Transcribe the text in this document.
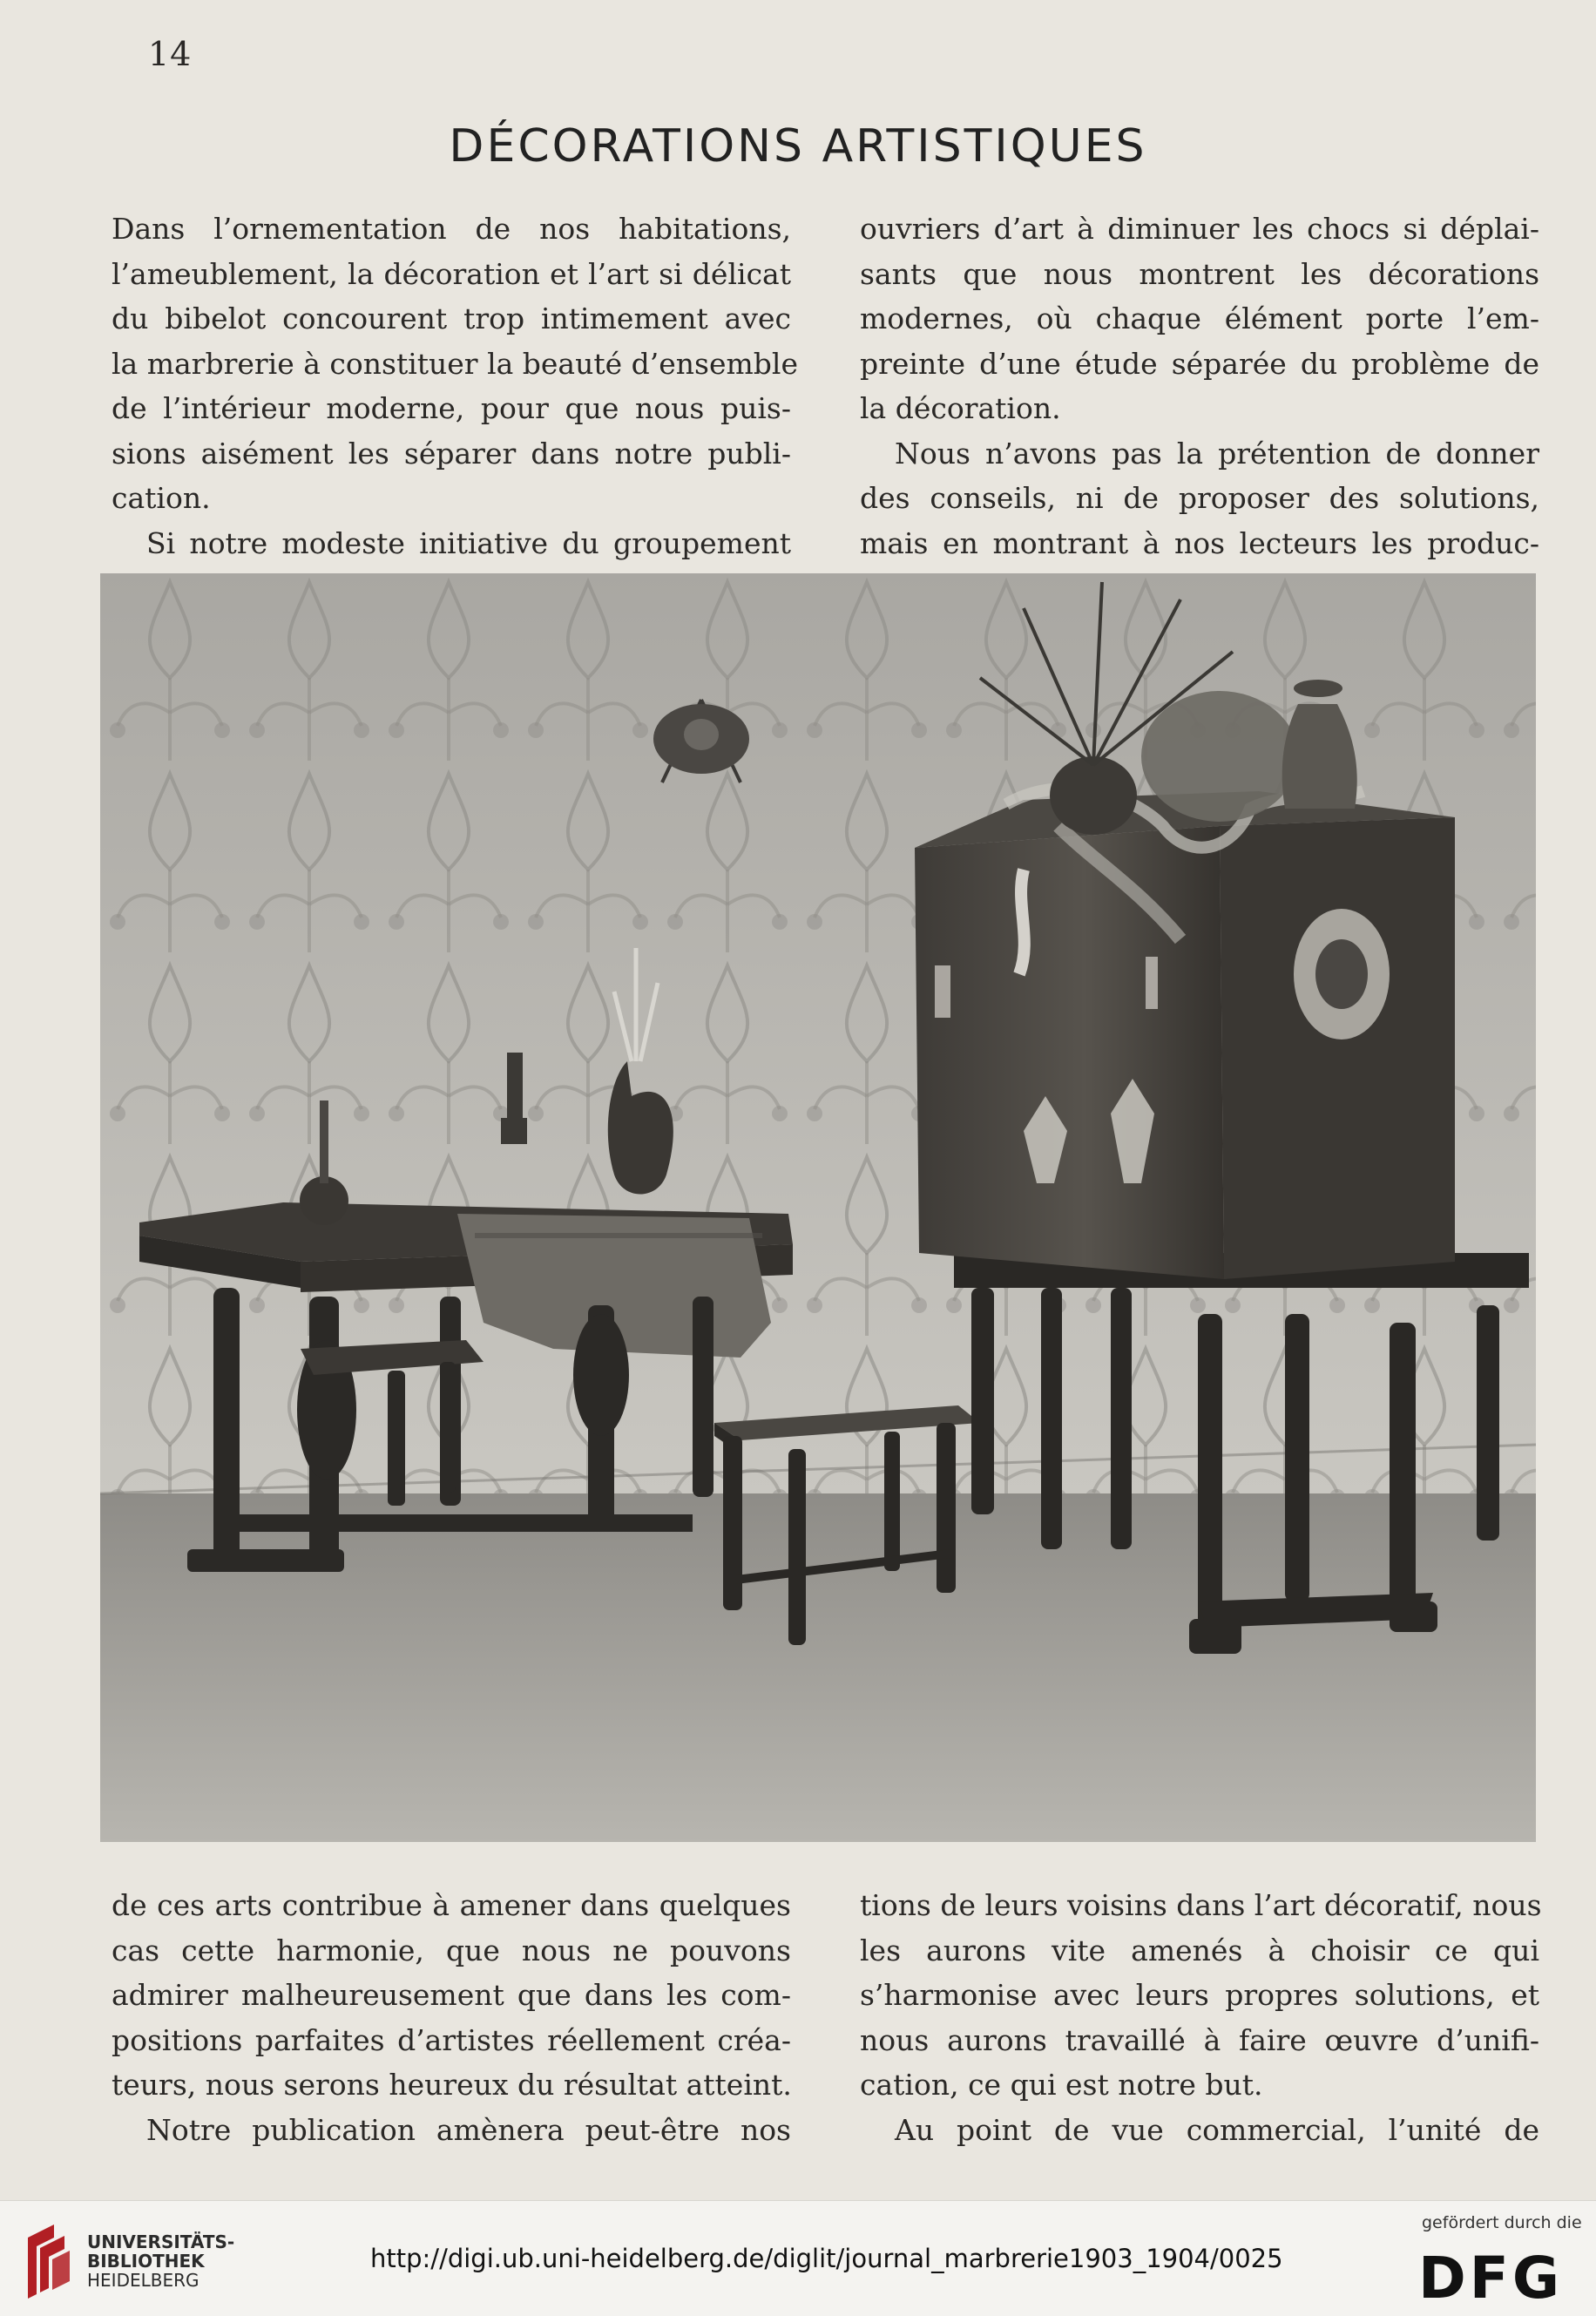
14
DÉCORATIONS ARTISTIQUES
Dans l’ornementation de nos habitations,
l’ameublement, la décoration et l’art si délicat
du bibelot concourent trop intimement avec
la marbrerie à constituer la beauté d’ensemble
de l’intérieur moderne, pour que nous puis-
sions aisément les séparer dans notre publi-
cation.
Si notre modeste initiative du groupement
ouvriers d’art à diminuer les chocs si déplai-
sants que nous montrent les décorations
modernes, où chaque élément porte l’em-
preinte d’une étude séparée du problème de
la décoration.
Nous n’avons pas la prétention de donner
des conseils, ni de proposer des solutions,
mais en montrant à nos lecteurs les produc-
de ces arts contribue à amener dans quelques
cas cette harmonie, que nous ne pouvons
admirer malheureusement que dans les com-
positions parfaites d’artistes réellement créa-
teurs, nous serons heureux du résultat atteint.
Notre publication amènera peut-être nos
tions de leurs voisins dans l’art décoratif, nous
les aurons vite amenés à choisir ce qui
s’harmonise avec leurs propres solutions, et
nous aurons travaillé à faire œuvre d’unifi-
cation, ce qui est notre but.
Au point de vue commercial, l’unité de
UNIVERSITÄTS-
BIBLIOTHEK
HEIDELBERG
http://digi.ub.uni-heidelberg.de/diglit/journal_marbrerie1903_1904/0025
gefördert durch die
DFG
